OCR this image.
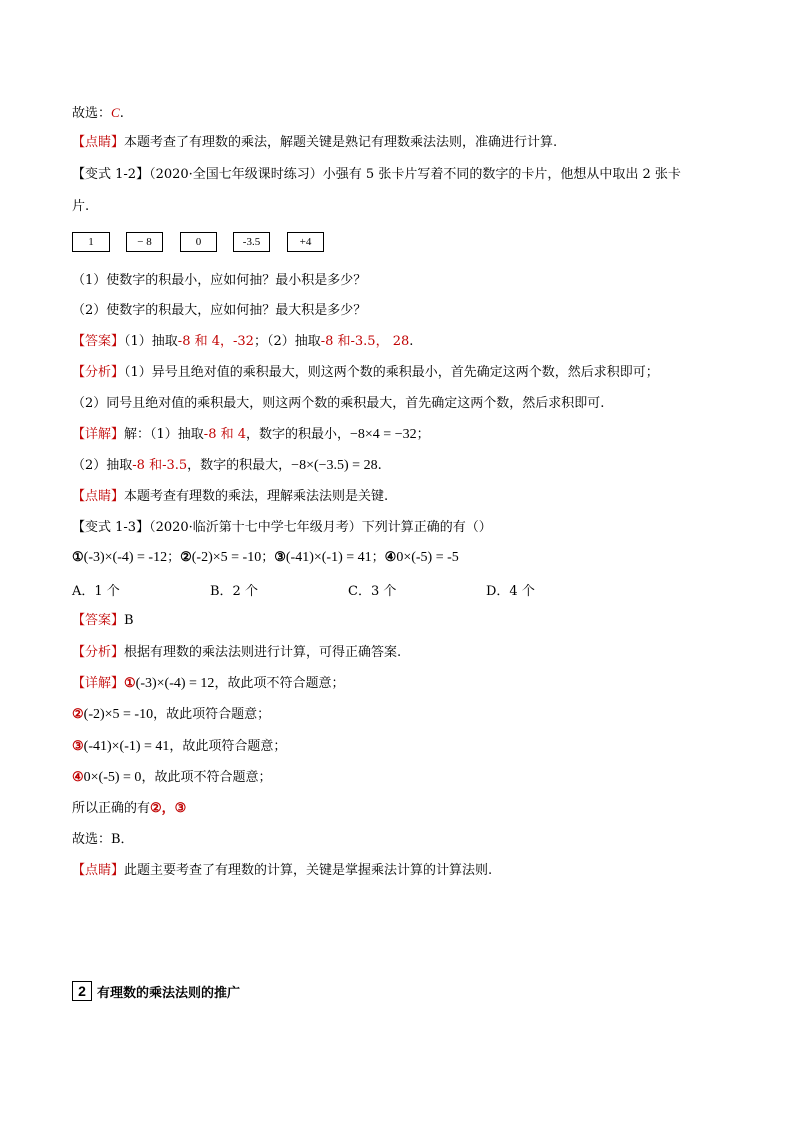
故选：C.
【点睛】本题考查了有理数的乘法，解题关键是熟记有理数乘法法则，准确进行计算.
【变式 1-2】（2020·全国七年级课时练习）小强有 5 张卡片写着不同的数字的卡片，他想从中取出 2 张卡
片.
1	− 8	0	-3.5	+4
（1）使数字的积最小，应如何抽？最小积是多少？
（2）使数字的积最大，应如何抽？最大积是多少？
【答案】（1）抽取-8 和 4，-32；（2）抽取-8 和-3.5， 28.
【分析】（1）异号且绝对值的乘积最大，则这两个数的乘积最小，首先确定这两个数，然后求积即可；
（2）同号且绝对值的乘积最大，则这两个数的乘积最大，首先确定这两个数，然后求积即可.
【详解】解：（1）抽取-8 和 4，数字的积最小，−8×4 = −32；
（2）抽取-8 和-3.5，数字的积最大，−8×(−3.5) = 28.
【点睛】本题考查有理数的乘法，理解乘法法则是关键.
【变式 1-3】（2020·临沂第十七中学七年级月考）下列计算正确的有（）
①(-3)×(-4) = -12；②(-2)×5 = -10；③(-41)×(-1) = 41；④0×(-5) = -5
A．1 个	B．2 个	C．3 个	D．4 个
【答案】B
【分析】根据有理数的乘法法则进行计算，可得正确答案.
【详解】①(-3)×(-4) = 12，故此项不符合题意；
②(-2)×5 = -10，故此项符合题意；
③(-41)×(-1) = 41，故此项符合题意；
④0×(-5) = 0，故此项不符合题意；
所以正确的有②，③
故选：B．
【点睛】此题主要考查了有理数的计算，关键是掌握乘法计算的计算法则.
2 有理数的乘法法则的推广
